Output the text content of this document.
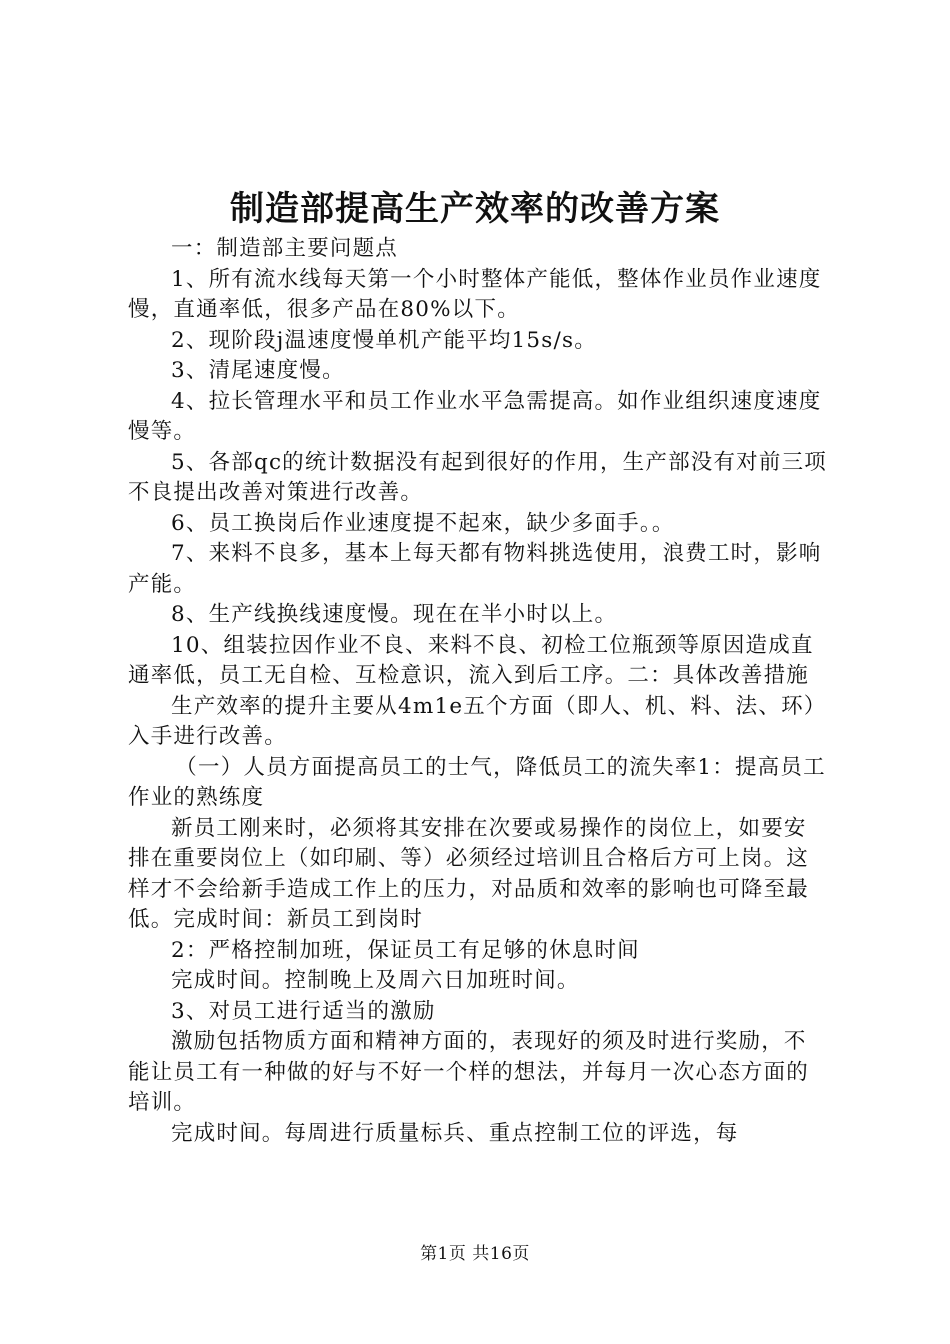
制造部提高生产效率的改善方案

一：制造部主要问题点

1、所有流水线每天第一个小时整体产能低，整体作业员作业速度慢，直通率低，很多产品在80%以下。

2、现阶段j温速度慢单机产能平均15s/s。

3、清尾速度慢。

4、拉长管理水平和员工作业水平急需提高。如作业组织速度速度慢等。

5、各部qc的统计数据没有起到很好的作用，生产部没有对前三项不良提出改善对策进行改善。

6、员工换岗后作业速度提不起來，缺少多面手。。

7、来料不良多，基本上每天都有物料挑选使用，浪费工时，影响产能。

8、生产线换线速度慢。现在在半小时以上。

10、组装拉因作业不良、来料不良、初检工位瓶颈等原因造成直通率低，员工无自检、互检意识，流入到后工序。二：具体改善措施

生产效率的提升主要从4m1e五个方面（即人、机、料、法、环）入手进行改善。

（一）人员方面提高员工的士气，降低员工的流失率1：提高员工作业的熟练度

新员工刚来时，必须将其安排在次要或易操作的岗位上，如要安排在重要岗位上（如印刷、等）必须经过培训且合格后方可上岗。这样才不会给新手造成工作上的压力，对品质和效率的影响也可降至最低。完成时间：新员工到岗时

2：严格控制加班，保证员工有足够的休息时间

完成时间。控制晚上及周六日加班时间。

3、对员工进行适当的激励

激励包括物质方面和精神方面的，表现好的须及时进行奖励，不能让员工有一种做的好与不好一个样的想法，并每月一次心态方面的培训。

完成时间。每周进行质量标兵、重点控制工位的评选，每

第1页 共16页
